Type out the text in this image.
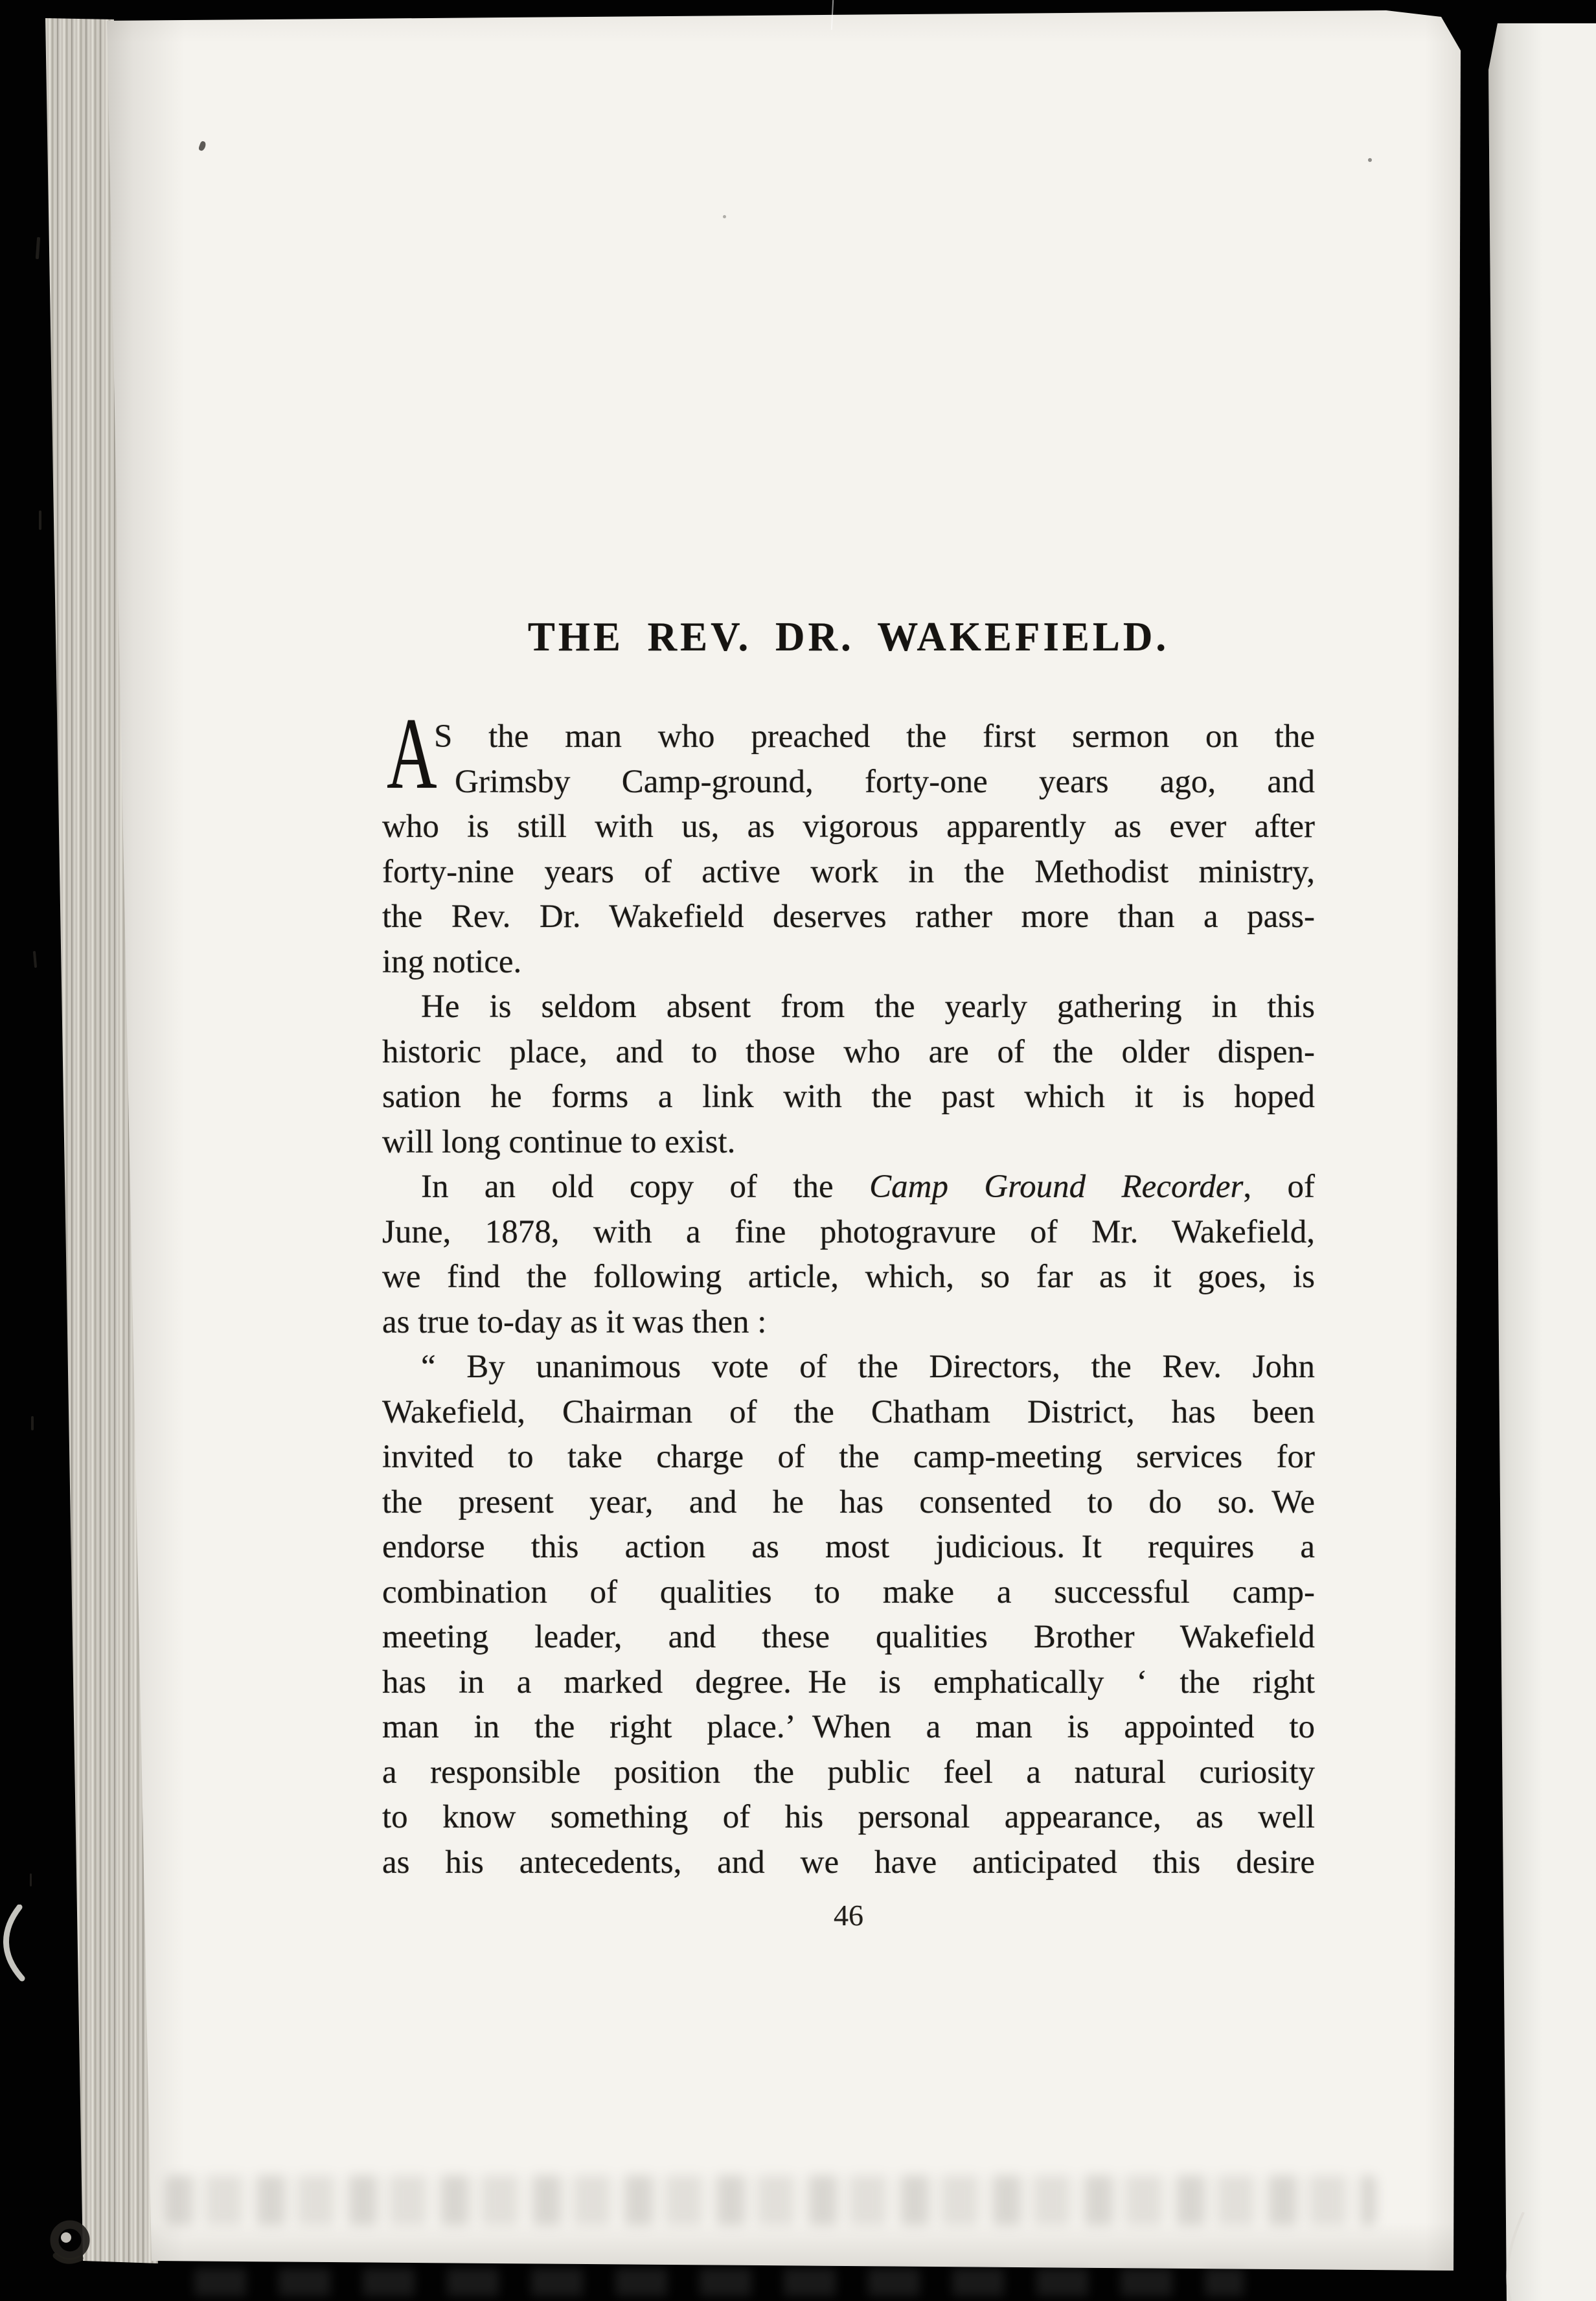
THE REV. DR. WAKEFIELD.
A
S the man who preached the first sermon on the
Grimsby Camp-ground, forty-one years ago, and
who is still with us, as vigorous apparently as ever after
forty-nine years of active work in the Methodist ministry,
the Rev. Dr. Wakefield deserves rather more than a pass-
ing notice.
He is seldom absent from the yearly gathering in this
historic place, and to those who are of the older dispen-
sation he forms a link with the past which it is hoped
will long continue to exist.
In an old copy of the Camp Ground Recorder, of
June, 1878, with a fine photogravure of Mr. Wakefield,
we find the following article, which, so far as it goes, is
as true to-day as it was then :
“ By unanimous vote of the Directors, the Rev. John
Wakefield, Chairman of the Chatham District, has been
invited to take charge of the camp-meeting services for
the present year, and he has consented to do so. We
endorse this action as most judicious. It requires a
combination of qualities to make a successful camp-
meeting leader, and these qualities Brother Wakefield
has in a marked degree. He is emphatically ‘ the right
man in the right place.’ When a man is appointed to
a responsible position the public feel a natural curiosity
to know something of his personal appearance, as well
as his antecedents, and we have anticipated this desire
46
